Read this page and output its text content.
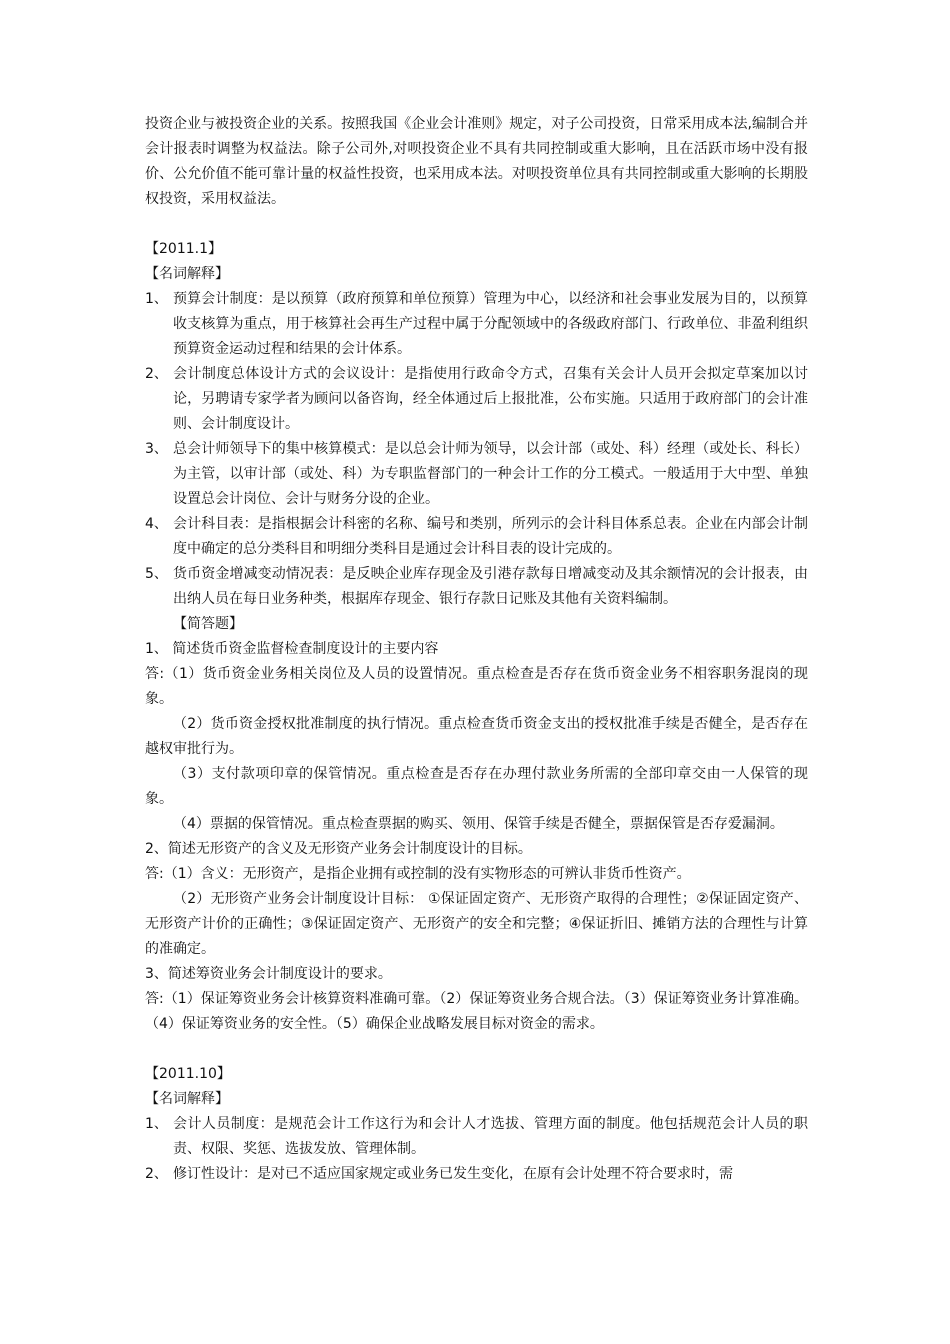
投资企业与被投资企业的关系。按照我国《企业会计准则》规定，对子公司投资，日常采用成本法,编制合并会计报表时调整为权益法。除子公司外,对呗投资企业不具有共同控制或重大影响，且在活跃市场中没有报价、公允价值不能可靠计量的权益性投资，也采用成本法。对呗投资单位具有共同控制或重大影响的长期股权投资，采用权益法。

【2011.1】

【名词解释】

1、 预算会计制度：是以预算（政府预算和单位预算）管理为中心，以经济和社会事业发展为目的，以预算收支核算为重点，用于核算社会再生产过程中属于分配领域中的各级政府部门、行政单位、非盈利组织预算资金运动过程和结果的会计体系。
2、 会计制度总体设计方式的会议设计：是指使用行政命令方式，召集有关会计人员开会拟定草案加以讨论，另聘请专家学者为顾问以备咨询，经全体通过后上报批准，公布实施。只适用于政府部门的会计准则、会计制度设计。
3、 总会计师领导下的集中核算模式：是以总会计师为领导，以会计部（或处、科）经理（或处长、科长）为主管，以审计部（或处、科）为专职监督部门的一种会计工作的分工模式。一般适用于大中型、单独设置总会计岗位、会计与财务分设的企业。
4、 会计科目表：是指根据会计科密的名称、编号和类别，所列示的会计科目体系总表。企业在内部会计制度中确定的总分类科目和明细分类科目是通过会计科目表的设计完成的。
5、 货币资金增减变动情况表：是反映企业库存现金及引港存款每日增减变动及其余额情况的会计报表，由出纳人员在每日业务种类，根据库存现金、银行存款日记账及其他有关资料编制。

【简答题】

1、 简述货币资金监督检查制度设计的主要内容

答:（1）货币资金业务相关岗位及人员的设置情况。重点检查是否存在货币资金业务不相容职务混岗的现象。

（2）货币资金授权批准制度的执行情况。重点检查货币资金支出的授权批准手续是否健全，是否存在越权审批行为。

（3）支付款项印章的保管情况。重点检查是否存在办理付款业务所需的全部印章交由一人保管的现象。

（4）票据的保管情况。重点检查票据的购买、领用、保管手续是否健全，票据保管是否存爱漏洞。

2、简述无形资产的含义及无形资产业务会计制度设计的目标。

答:（1）含义：无形资产，是指企业拥有或控制的没有实物形态的可辨认非货币性资产。

（2）无形资产业务会计制度设计目标： ①保证固定资产、无形资产取得的合理性；②保证固定资产、无形资产计价的正确性；③保证固定资产、无形资产的安全和完整；④保证折旧、摊销方法的合理性与计算的准确定。

3、简述筹资业务会计制度设计的要求。

答:（1）保证筹资业务会计核算资料准确可靠。（2）保证筹资业务合规合法。（3）保证筹资业务计算准确。（4）保证筹资业务的安全性。（5）确保企业战略发展目标对资金的需求。

【2011.10】

【名词解释】

1、 会计人员制度：是规范会计工作这行为和会计人才选拔、管理方面的制度。他包括规范会计人员的职责、权限、奖惩、选拔发放、管理体制。
2、 修订性设计：是对已不适应国家规定或业务已发生变化，在原有会计处理不符合要求时，需
